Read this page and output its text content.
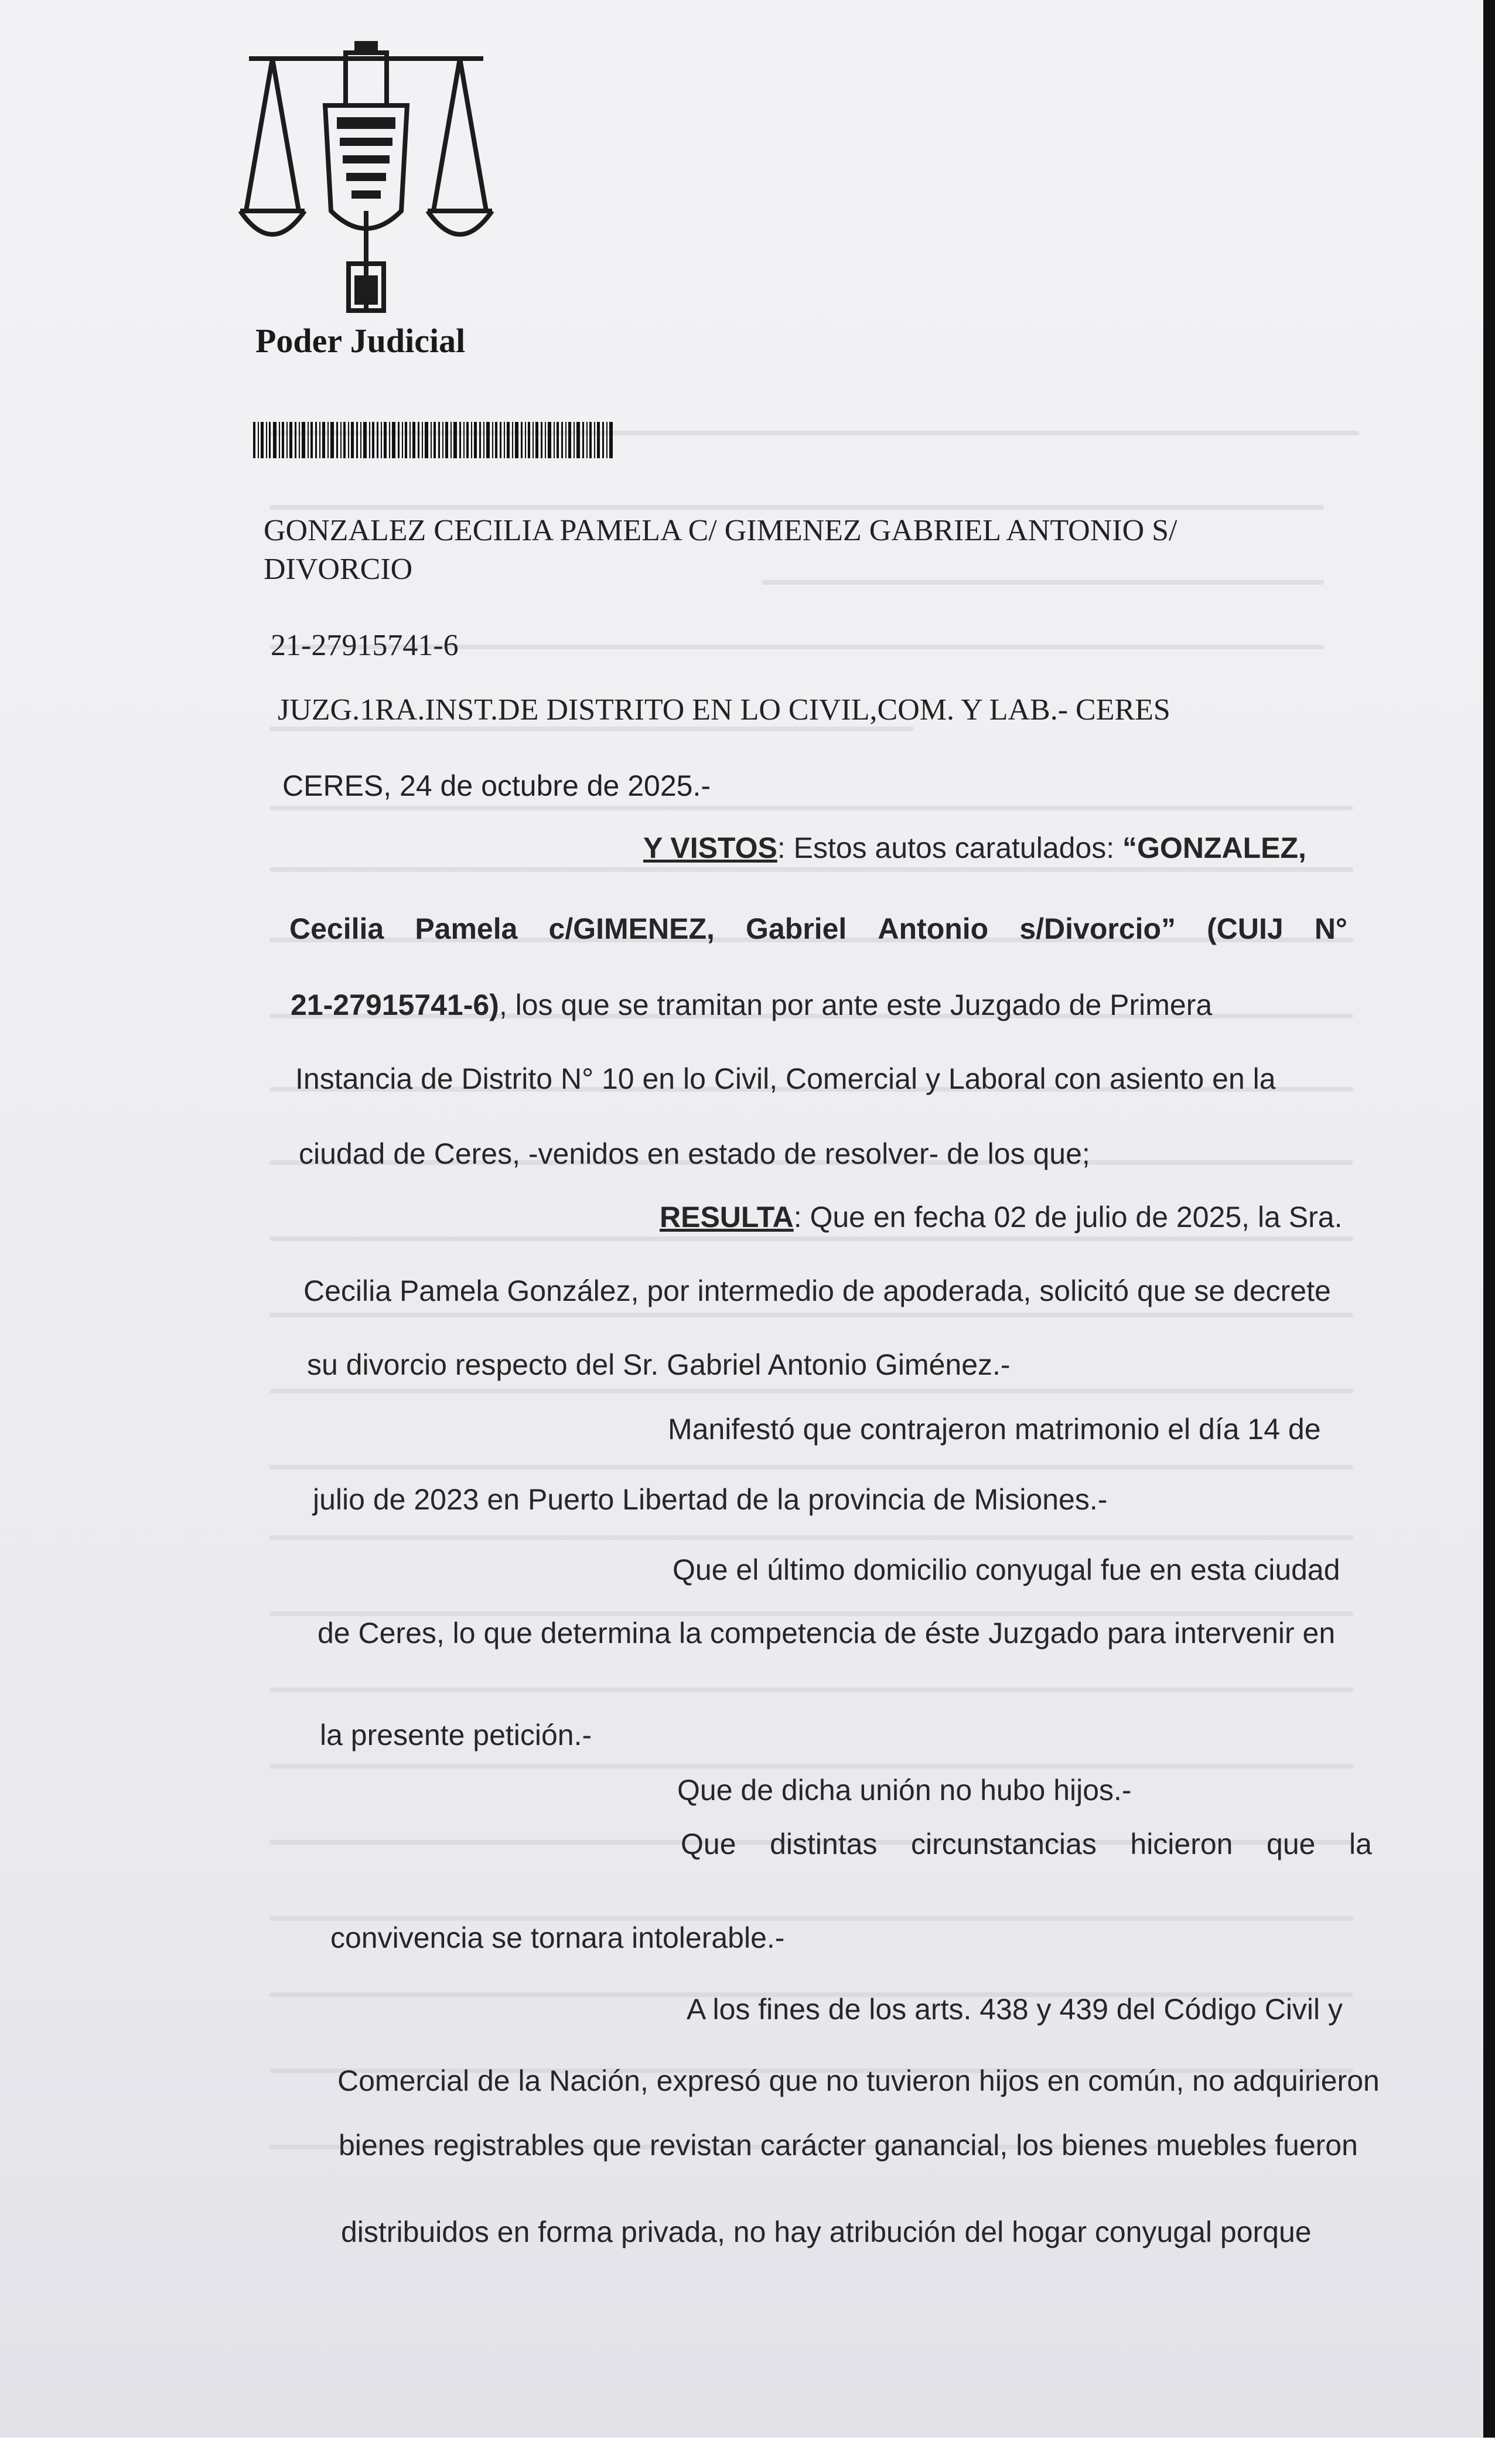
Poder Judicial
GONZALEZ CECILIA PAMELA C/ GIMENEZ GABRIEL ANTONIO S/
DIVORCIO
21-27915741-6
JUZG.1RA.INST.DE DISTRITO EN LO CIVIL,COM. Y LAB.- CERES
CERES, 24 de octubre de 2025.-
Y VISTOS: Estos autos caratulados: “GONZALEZ,
Cecilia Pamela c/GIMENEZ, Gabriel Antonio s/Divorcio” (CUIJ N°
21-27915741-6), los que se tramitan por ante este Juzgado de Primera
Instancia de Distrito N° 10 en lo Civil, Comercial y Laboral con asiento en la
ciudad de Ceres, -venidos en estado de resolver- de los que;
RESULTA: Que en fecha 02 de julio de 2025, la Sra.
Cecilia Pamela González, por intermedio de apoderada, solicitó que se decrete
su divorcio respecto del Sr. Gabriel Antonio Giménez.-
Manifestó que contrajeron matrimonio el día 14 de
julio de 2023 en Puerto Libertad de la provincia de Misiones.-
Que el último domicilio conyugal fue en esta ciudad
de Ceres, lo que determina la competencia de éste Juzgado para intervenir en
la presente petición.-
Que de dicha unión no hubo hijos.-
Que distintas circunstancias hicieron que la
convivencia se tornara intolerable.-
A los fines de los arts. 438 y 439 del Código Civil y
Comercial de la Nación, expresó que no tuvieron hijos en común, no adquirieron
bienes registrables que revistan carácter ganancial, los bienes muebles fueron
distribuidos en forma privada, no hay atribución del hogar conyugal porque
